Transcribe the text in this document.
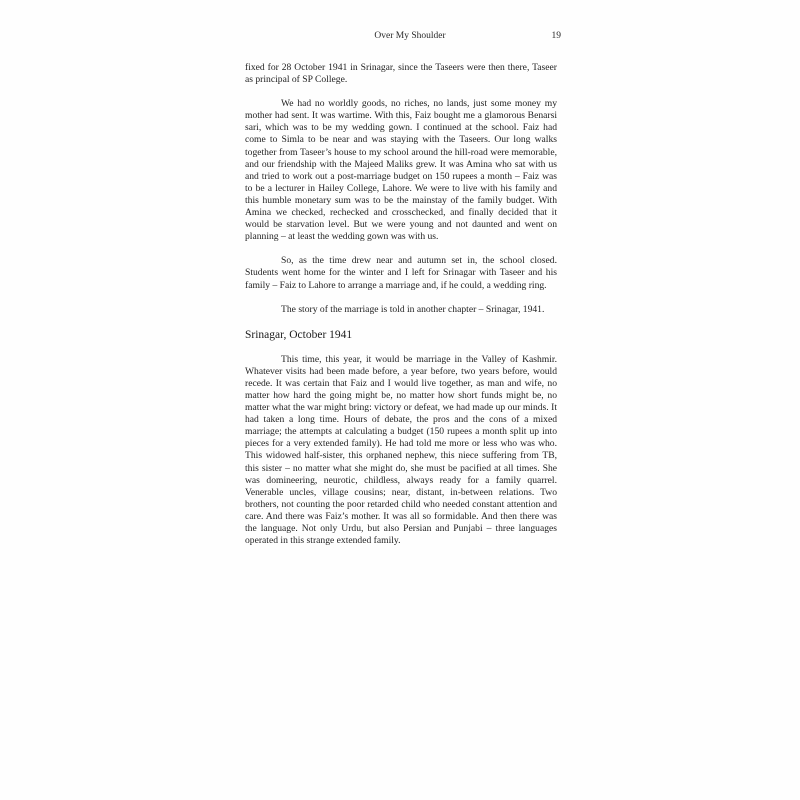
Over My Shoulder	19

fixed for 28 October 1941 in Srinagar, since the Taseers were then there, Taseer as principal of SP College.

We had no worldly goods, no riches, no lands, just some money my mother had sent. It was wartime. With this, Faiz bought me a glamorous Benarsi sari, which was to be my wedding gown. I continued at the school. Faiz had come to Simla to be near and was staying with the Taseers. Our long walks together from Taseer’s house to my school around the hill-road were memorable, and our friendship with the Majeed Maliks grew. It was Amina who sat with us and tried to work out a post-marriage budget on 150 rupees a month – Faiz was to be a lecturer in Hailey College, Lahore. We were to live with his family and this humble monetary sum was to be the mainstay of the family budget. With Amina we checked, rechecked and crosschecked, and finally decided that it would be starvation level. But we were young and not daunted and went on planning – at least the wedding gown was with us.

So, as the time drew near and autumn set in, the school closed. Students went home for the winter and I left for Srinagar with Taseer and his family – Faiz to Lahore to arrange a marriage and, if he could, a wedding ring.

The story of the marriage is told in another chapter – Srinagar, 1941.

Srinagar, October 1941

This time, this year, it would be marriage in the Valley of Kashmir. Whatever visits had been made before, a year before, two years before, would recede. It was certain that Faiz and I would live together, as man and wife, no matter how hard the going might be, no matter how short funds might be, no matter what the war might bring: victory or defeat, we had made up our minds. It had taken a long time. Hours of debate, the pros and the cons of a mixed marriage; the attempts at calculating a budget (150 rupees a month split up into pieces for a very extended family). He had told me more or less who was who. This widowed half-sister, this orphaned nephew, this niece suffering from TB, this sister – no matter what she might do, she must be pacified at all times. She was domineering, neurotic, childless, always ready for a family quarrel. Venerable uncles, village cousins; near, distant, in-between relations. Two brothers, not counting the poor retarded child who needed constant attention and care. And there was Faiz’s mother. It was all so formidable. And then there was the language. Not only Urdu, but also Persian and Punjabi – three languages operated in this strange extended family.
